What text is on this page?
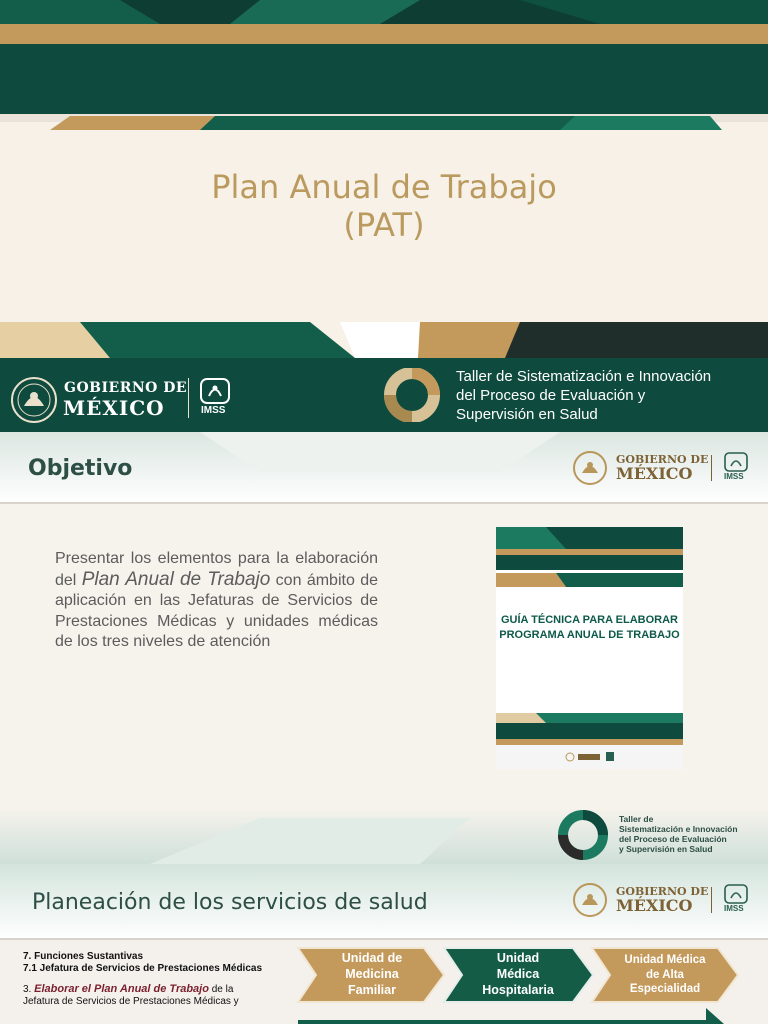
Plan Anual de Trabajo
(PAT)
GOBIERNO DE
MÉXICO	IMSS
Taller de Sistematización e Innovación
del Proceso de Evaluación y
Supervisión en Salud
Objetivo	GOBIERNO DE
MÉXICO	IMSS
Presentar los elementos para la elaboración del Plan Anual de Trabajo con ámbito de aplicación en las Jefaturas de Servicios de Prestaciones Médicas y unidades médicas de los tres niveles de atención
GUÍA TÉCNICA PARA ELABORAR PROGRAMA ANUAL DE TRABAJO
Taller de
Sistematización e Innovación
del Proceso de Evaluación
y Supervisión en Salud
Planeación de los servicios de salud	GOBIERNO DE
MÉXICO	IMSS
7. Funciones Sustantivas
7.1 Jefatura de Servicios de Prestaciones Médicas
3. Elaborar el Plan Anual de Trabajo de la Jefatura de Servicios de Prestaciones Médicas y
Unidad de
Medicina
Familiar
Unidad
Médica
Hospitalaria
Unidad Médica
de Alta
Especialidad
